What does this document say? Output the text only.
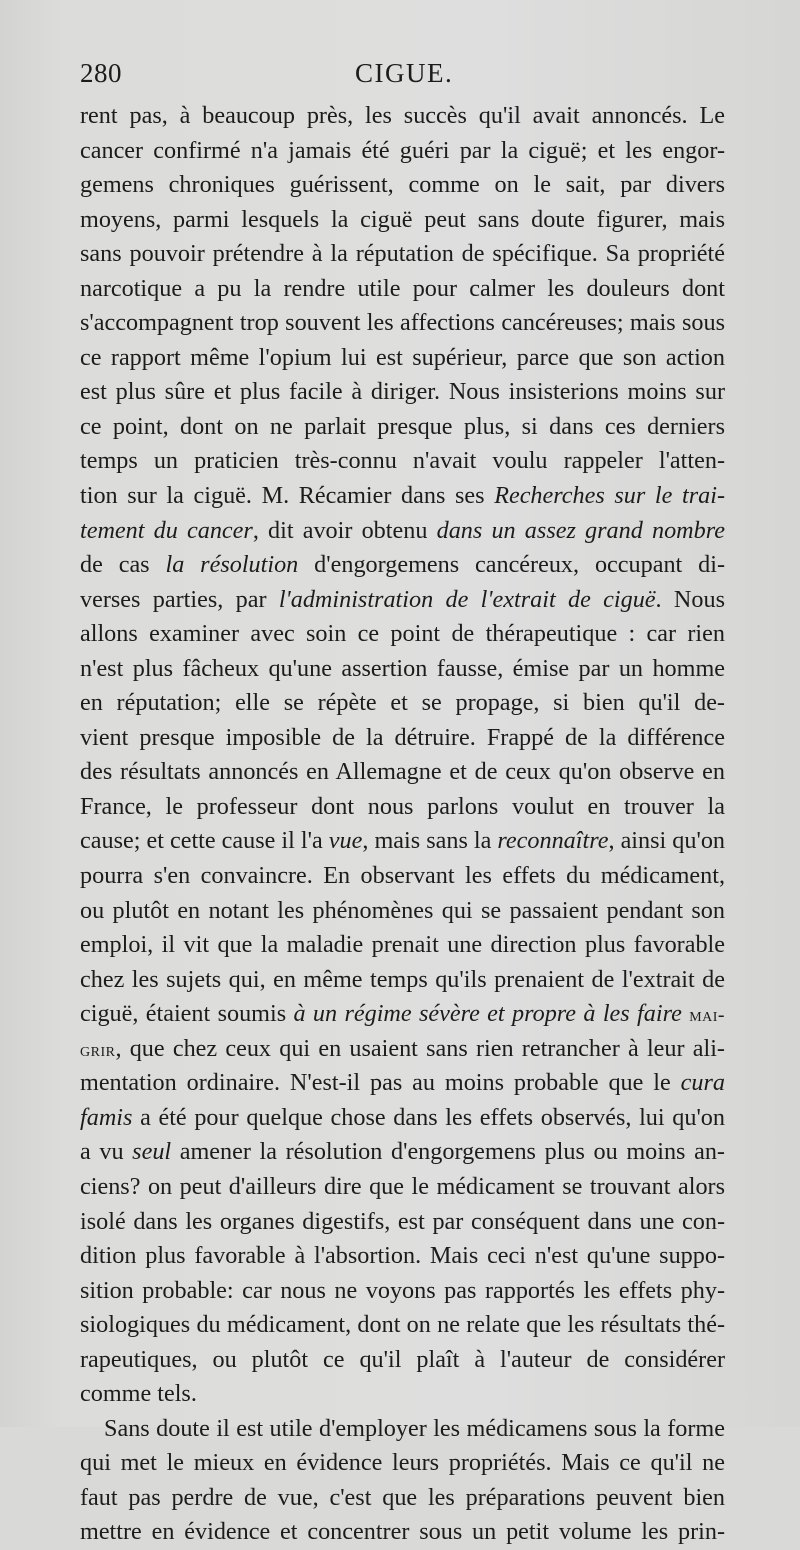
280	CIGUE.
rent pas, à beaucoup près, les succès qu'il avait annoncés. Le
cancer confirmé n'a jamais été guéri par la ciguë; et les engor-
gemens chroniques guérissent, comme on le sait, par divers
moyens, parmi lesquels la ciguë peut sans doute figurer, mais
sans pouvoir prétendre à la réputation de spécifique. Sa propriété
narcotique a pu la rendre utile pour calmer les douleurs dont
s'accompagnent trop souvent les affections cancéreuses; mais sous
ce rapport même l'opium lui est supérieur, parce que son action
est plus sûre et plus facile à diriger. Nous insisterions moins sur
ce point, dont on ne parlait presque plus, si dans ces derniers
temps un praticien très-connu n'avait voulu rappeler l'atten-
tion sur la ciguë. M. Récamier dans ses Recherches sur le trai-
tement du cancer, dit avoir obtenu dans un assez grand nombre
de cas la résolution d'engorgemens cancéreux, occupant di-
verses parties, par l'administration de l'extrait de ciguë. Nous
allons examiner avec soin ce point de thérapeutique : car rien
n'est plus fâcheux qu'une assertion fausse, émise par un homme
en réputation; elle se répète et se propage, si bien qu'il de-
vient presque imposible de la détruire. Frappé de la différence
des résultats annoncés en Allemagne et de ceux qu'on observe en
France, le professeur dont nous parlons voulut en trouver la
cause; et cette cause il l'a vue, mais sans la reconnaître, ainsi qu'on
pourra s'en convaincre. En observant les effets du médicament,
ou plutôt en notant les phénomènes qui se passaient pendant son
emploi, il vit que la maladie prenait une direction plus favorable
chez les sujets qui, en même temps qu'ils prenaient de l'extrait de
ciguë, étaient soumis à un régime sévère et propre à les faire mai-
grir, que chez ceux qui en usaient sans rien retrancher à leur ali-
mentation ordinaire. N'est-il pas au moins probable que le cura
famis a été pour quelque chose dans les effets observés, lui qu'on
a vu seul amener la résolution d'engorgemens plus ou moins an-
ciens? on peut d'ailleurs dire que le médicament se trouvant alors
isolé dans les organes digestifs, est par conséquent dans une con-
dition plus favorable à l'absortion. Mais ceci n'est qu'une suppo-
sition probable: car nous ne voyons pas rapportés les effets phy-
siologiques du médicament, dont on ne relate que les résultats thé-
rapeutiques, ou plutôt ce qu'il plaît à l'auteur de considérer
comme tels.
Sans doute il est utile d'employer les médicamens sous la forme
qui met le mieux en évidence leurs propriétés. Mais ce qu'il ne
faut pas perdre de vue, c'est que les préparations peuvent bien
mettre en évidence et concentrer sous un petit volume les prin-
